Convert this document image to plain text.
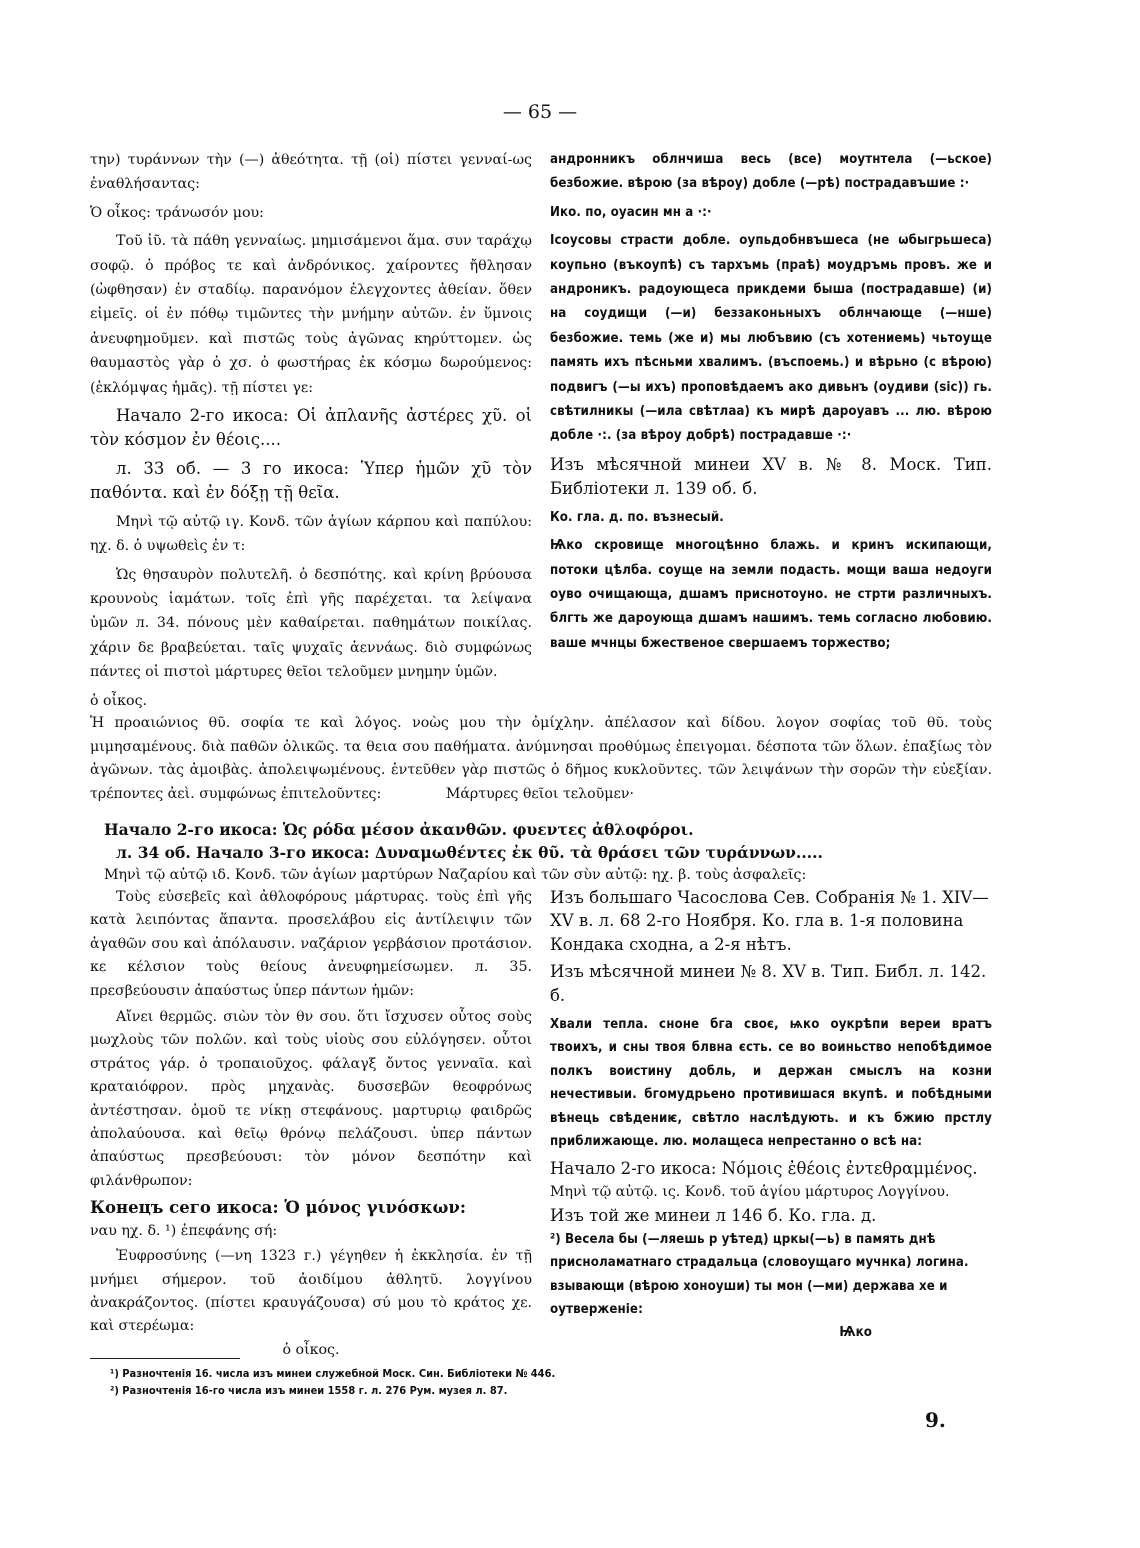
— 65 —

την) τυράννων τὴν (—) ἀθεότητα. τῇ (οἱ) πίστει γενναί-ως ἐναθλήσαντας:

Ὁ οἶκος: τράνωσόν μου:

Τοῦ ἰῦ. τὰ πάθη γενναίως. μημισάμενοι ἅμα. συν ταράχῳ σοφῷ. ὁ πρόβος τε καὶ ἀνδρόνικος. χαίροντες ἤθλησαν (ὠφθησαν) ἐν σταδίῳ. παρανόμον ἐλεγχοντες ἀθείαν. ὅθεν εἰμεῖς. οἱ ἐν πόθῳ τιμῶντες τὴν μνήμην αὐτῶν. ἐν ὕμνοις ἀνευφημοῦμεν. καὶ πιστῶς τοὺς ἀγῶνας κηρύττομεν. ὡς θαυμαστὸς γὰρ ὁ χσ. ὁ φωστήρας ἐκ κόσμω δωρούμενος: (ἐκλόμψας ἡμᾶς). τῇ πίστει γε:

Начало 2-го икоса: Οἱ ἀπλανῆς ἀστέρες χῦ. οἱ τὸν κόσμον ἐν θέοις....

л. 33 об. — 3 го икоса: Ὑπερ ἡμῶν χῦ τὸν παθόντα. καὶ ἐν δόξῃ τῇ θεῖα.

Μηνὶ τῷ αὐτῷ ιγ. Κονδ. τῶν ἁγίων κάρπου καὶ παπύλου: ηχ. δ. ὁ υψωθεὶς ἐν τ:

Ὡς θησαυρὸν πολυτελῆ. ὁ δεσπότης. καὶ κρίνη βρύουσα κρουνοὺς ἰαμάτων. τοῖς ἐπὶ γῆς παρέχεται. τα λείψανα ὑμῶν л. 34. πόνους μὲν καθαίρεται. παθημάτων ποικίλας. χάριν δε βραβεύεται. ταῖς ψυχαῖς ἀεννάως. διὸ συμφώνως πάντες οἱ πιστοὶ μάρτυρες θεῖοι τελοῦμεν μνημην ὑμῶν.

ὁ οἶκος.

андронникъ облнчиша весь (все) моутнтела (—ьское) безбожие. вѣрою (за вѣроу) добле (—рѣ) пострадавъшие :·

Ико. по, оуасин мн а ·:·

Ісоусовы страсти добле. оупьдобнвъшеса (не ѡбыгрьшеса) коупьно (въкоупѣ) съ тархъмь (праѣ) моудръмь провъ. же и андроникъ. радоующеса прикдеми быша (пострадавше) (и) на соудищи (—и) беззаконьныхъ облнчающе (—нше) безбожие. темь (же и) мы любъвию (съ хотениемь) чьтоуще память ихъ пѣсньми хвалимъ. (въспоемь.) и вѣрьно (с вѣрою) подвигъ (—ы ихъ) проповѣдаемъ ако дивьнъ (оудиви (sic)) гь. свѣтилникы (—ила свѣтлаа) къ мирѣ дароуавъ ... лю. вѣрою добле ·:. (за вѣроу добрѣ) пострадавше ·:·

Изъ мѣсячной минеи XV в. № 8. Моск. Тип. Библіотеки л. 139 об. б.

Ко. гла. д. по. възнесый.

Ѩко скровище многоцѣнно блажь. и кринъ искипающи, потоки цѣлба. соуще на земли подасть. мощи ваша недоуги оуво очищающа, дшамъ приснотоуно. не стрти различныхъ. блгть же дароующа дшамъ нашимъ. темь согласно любовию. ваше мчнцы бжественое свершаемъ торжество;

Ἡ προαιώνιος θῦ. σοφία τε καὶ λόγος. νοὼς μου τὴν ὀμίχλην. ἀπέλασον καὶ δίδου. λογον σοφίας τοῦ θῦ. τοὺς μιμησαμένους. διὰ παθῶν ὁλικῶς. τα θεια σου παθήματα. ἀνύμνησαι προθύμως ἐπειγομαι. δέσποτα τῶν ὅλων. ἐπαξίως τὸν ἀγῶνων. τὰς ἀμοιβὰς. ἀπολειψωμένους. ἐντεῦθεν γὰρ πιστῶς ὁ δῆμος κυκλοῦντες. τῶν λειψάνων τὴν σορῶν τὴν εὐεξίαν. τρέποντες ἀεὶ. συμφώνως ἐπιτελοῦντες:	Μάρτυρες θεῖοι τελοῦμεν·
Начало 2-го икоса: Ὡς ρόδα μέσον ἀκανθῶν. φυεντες ἀθλοφόροι.
л. 34 об. Начало 3-го икоса: Δυναμωθέντες ἐκ θῦ. τὰ θράσει τῶν τυράννων.....
Μηνὶ τῷ αὐτῷ ιδ. Κονδ. τῶν ἁγίων μαρτύρων Ναζαρίου καὶ τῶν σὺν αὐτῷ: ηχ. β. τοὺς ἀσφαλεῖς:

Τοὺς εὐσεβεῖς καὶ ἀθλοφόρους μάρτυρας. τοὺς ἐπὶ γῆς κατὰ λειπόντας ἅπαντα. προσελάβου εἰς ἀντίλειψιν τῶν ἀγαθῶν σου καὶ ἀπόλαυσιν. ναζάριον γερβάσιον προτάσιον. κε κέλσιον τοὺς θείους ἀνευφημείσωμεν. л. 35. πρεσβεύουσιν ἀπαύστως ὑπερ πάντων ἡμῶν:

Αἴνει θερμῶς. σιὼν τὸν θν σου. ὅτι ἴσχυσεν οὗτος σοὺς μωχλοὺς τῶν πολῶν. καὶ τοὺς υἱοὺς σου εὐλόγησεν. οὗτοι στράτος γάρ. ὁ τροπαιοῦχος. φάλαγξ ὄντος γενναῖα. καὶ κραταιόφρον. πρὸς μηχανὰς. δυσσεβῶν θεοφρόνως ἀντέστησαν. ὁμοῦ τε νίκῃ στεφάνους. μαρτυριῳ φαιδρῶς ἀπολαύουσα. καὶ θεῖῳ θρόνῳ πελάζουσι. ὑπερ πάντων ἀπαύστως πρεσβεύουσι: τὸν μόνον δεσπότην καὶ φιλάνθρωπον:

Конецъ сего икоса: Ὁ μόνος γινόσκων:

ναυ ηχ. δ. ¹) ἐπεφάνης σή:

Ἐυφροσύνης (—νη 1323 г.) γέγηθεν ἡ ἐκκλησία. ἐν τῇ μνήμει σήμερον. τοῦ ἀοιδίμου ἀθλητῦ. λογγίνου ἀνακράζοντος. (πίστει κραυγάζουσα) σύ μου τὸ κράτος χε. καὶ στερέωμα:

ὁ οἶκος.

Изъ большаго Часослова Сев. Собранія № 1. XIV—XV в. л. 68 2-го Ноября. Ко. гла в. 1-я половина Кондака сходна, а 2-я нѣтъ.

Изъ мѣсячной минеи № 8. XV в. Тип. Библ. л. 142. б.

Хвали тепла. сноне бга своє, ѩко оукрѣпи вереи вратъ твоихъ, и сны твоя блвна єсть. се во воиньство непобѣдимое полкъ воистину добль, и держан смыслъ на козни нечестивыи. бгомудрьено противишася вкупѣ. и побѣдными вѣнець свѣдениѥ, свѣтло наслѣдують. и къ бжию прстлу приближающе. лю. молащеса непрестанно о всѣ на:

Начало 2-го икоса: Νόμοις ἐθέοις ἐντεθραμμένος.

Μηνὶ τῷ αὐτῷ. ις. Κονδ. τοῦ ἁγίου μάρτυρος Λογγίνου.

Изъ той же минеи л 146 б. Ко. гла. д.

²) Весела бы (—ляешь р уѣтед) цркы(—ь) в память днѣ присноламатнаго страдальца (словоущаго мучнка) логина. взывающи (вѣрою хоноуши) ты мон (—ми) держава хе и оутверженіе:

Ѩко

¹) Разночтенія 16. числа изъ минеи служебной Моск. Син. Библіотеки № 446.
²) Разночтенія 16-го числа изъ минеи 1558 г. л. 276 Рум. музея л. 87.
9.
